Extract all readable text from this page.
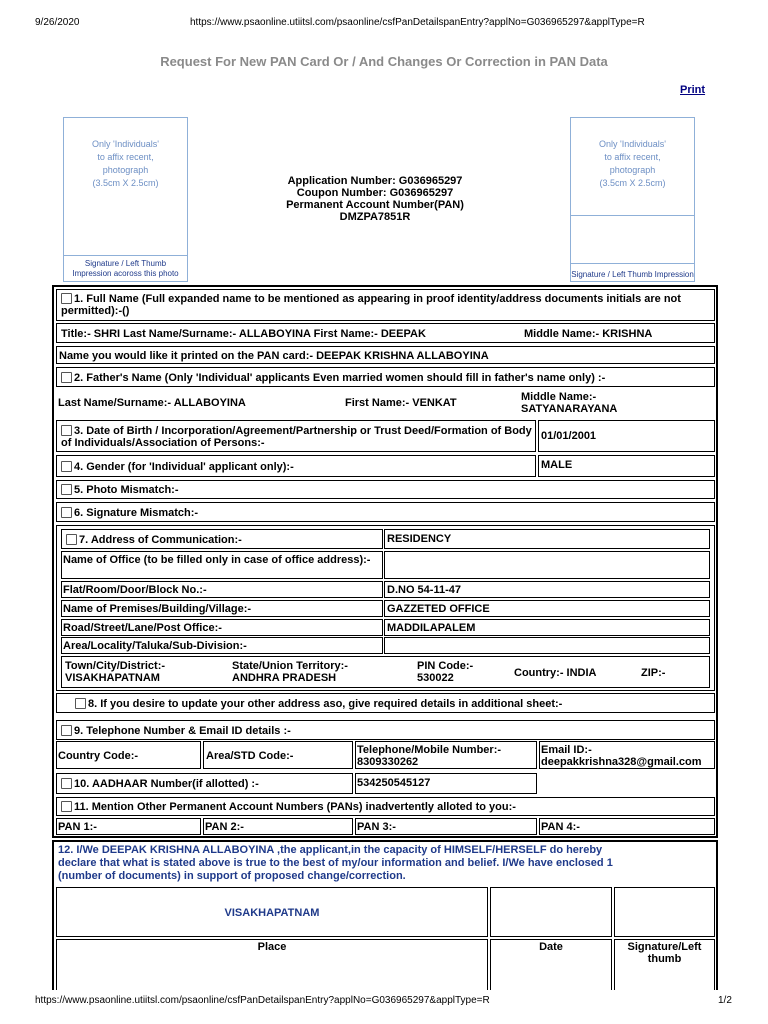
9/26/2020	https://www.psaonline.utiitsl.com/psaonline/csfPanDetailspanEntry?applNo=G036965297&applType=R
Request For New PAN Card Or / And Changes Or Correction in PAN Data
Print
Only 'Individuals'
to affix recent,
photograph
(3.5cm X 2.5cm)
Signature / Left Thumb
Impression acoross this photo
Application Number: G036965297
Coupon Number: G036965297
Permanent Account Number(PAN)
DMZPA7851R
Only 'Individuals'
to affix recent,
photograph
(3.5cm X 2.5cm)
Signature / Left Thumb Impression
1. Full Name (Full expanded name to be mentioned as appearing in proof identity/address documents initials are not permitted):-()
Title:- SHRI Last Name/Surname:- ALLABOYINA First Name:- DEEPAK	Middle Name:- KRISHNA
Name you would like it printed on the PAN card:- DEEPAK KRISHNA ALLABOYINA
2. Father's Name (Only 'Individual' applicants Even married women should fill in father's name only) :-
Last Name/Surname:- ALLABOYINA	First Name:- VENKAT	Middle Name:-
SATYANARAYANA
3. Date of Birth / Incorporation/Agreement/Partnership or Trust Deed/Formation of Body of Individuals/Association of Persons:-
01/01/2001
4. Gender (for 'Individual' applicant only):-	MALE
5. Photo Mismatch:-
6. Signature Mismatch:-
7. Address of Communication:-	RESIDENCY
Name of Office (to be filled only in case of office address):-
Flat/Room/Door/Block No.:-	D.NO 54-11-47
Name of Premises/Building/Village:-	GAZZETED OFFICE
Road/Street/Lane/Post Office:-	MADDILAPALEM
Area/Locality/Taluka/Sub-Division:-
Town/City/District:-
VISAKHAPATNAM
State/Union Territory:-
ANDHRA PRADESH
PIN Code:-
530022	Country:- INDIA	ZIP:-
8. If you desire to update your other address aso, give required details in additional sheet:-
9. Telephone Number & Email ID details :-
Country Code:-	Area/STD Code:-	Telephone/Mobile Number:-
8309330262
Email ID:-
deepakkrishna328@gmail.com
10. AADHAAR Number(if allotted) :-	534250545127
11. Mention Other Permanent Account Numbers (PANs) inadvertently alloted to you:-
PAN 1:-	PAN 2:-	PAN 3:-	PAN 4:-
12. I/We DEEPAK KRISHNA ALLABOYINA ,the applicant,in the capacity of HIMSELF/HERSELF do hereby declare that what is stated above is true to the best of my/our information and belief. I/We have enclosed 1 (number of documents) in support of proposed change/correction.
VISAKHAPATNAM
Place	Date	Signature/Left thumb
https://www.psaonline.utiitsl.com/psaonline/csfPanDetailspanEntry?applNo=G036965297&applType=R	1/2
